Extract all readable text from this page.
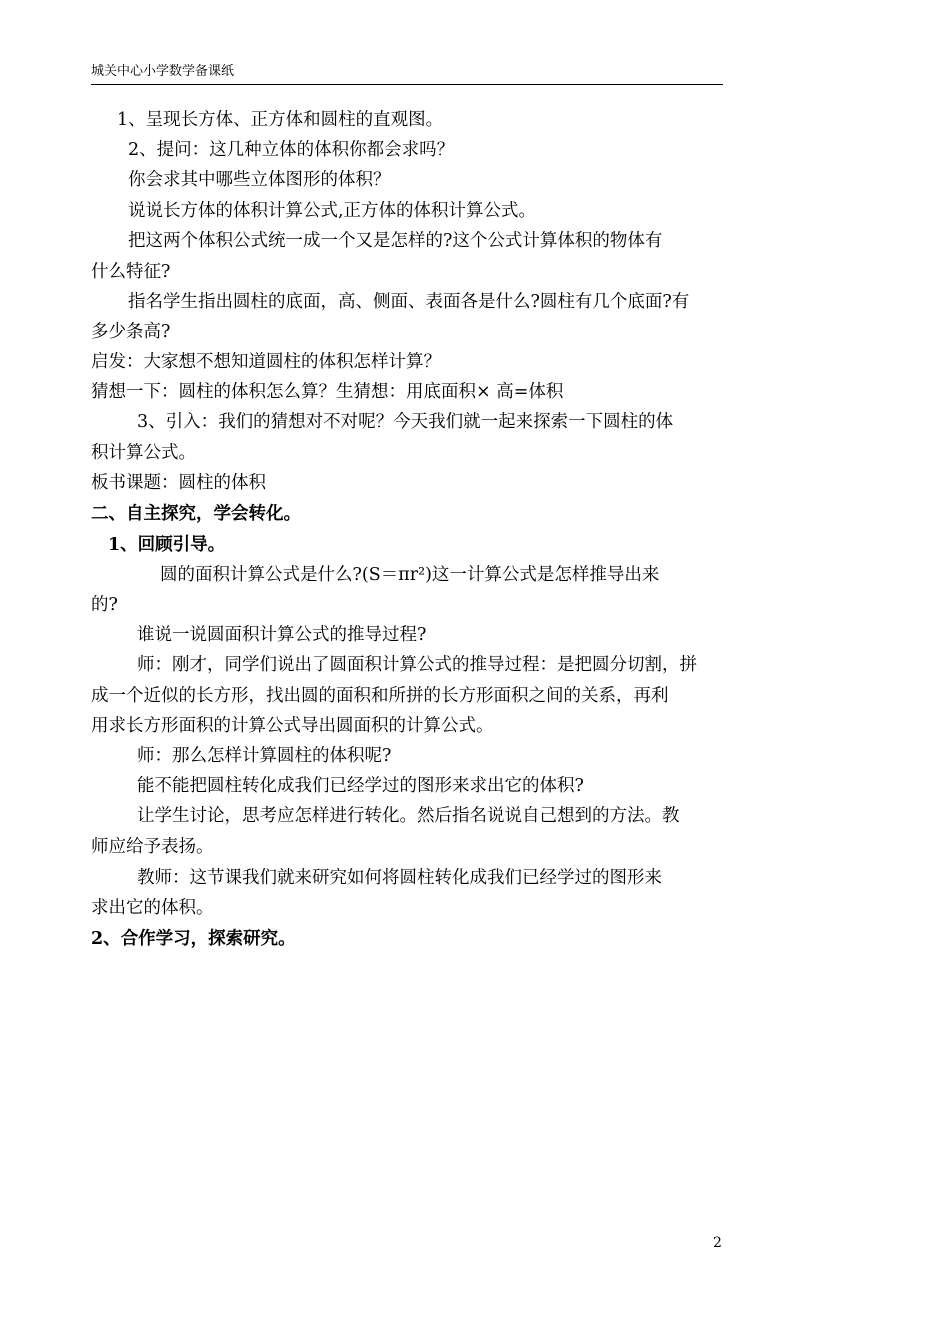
城关中心小学数学备课纸
1、呈现长方体、正方体和圆柱的直观图。
2、提问：这几种立体的体积你都会求吗？
你会求其中哪些立体图形的体积？
说说长方体的体积计算公式,正方体的体积计算公式。
把这两个体积公式统一成一个又是怎样的?这个公式计算体积的物体有
什么特征?
指名学生指出圆柱的底面，高、侧面、表面各是什么?圆柱有几个底面?有
多少条高?
启发：大家想不想知道圆柱的体积怎样计算？
猜想一下：圆柱的体积怎么算？生猜想：用底面积× 高=体积
3、引入：我们的猜想对不对呢？今天我们就一起来探索一下圆柱的体
积计算公式。
板书课题：圆柱的体积
二、自主探究，学会转化。
1、回顾引导。
圆的面积计算公式是什么?(S＝πr²)这一计算公式是怎样推导出来
的?
谁说一说圆面积计算公式的推导过程?
师：刚才，同学们说出了圆面积计算公式的推导过程：是把圆分切割，拼
成一个近似的长方形，找出圆的面积和所拼的长方形面积之间的关系，再利
用求长方形面积的计算公式导出圆面积的计算公式。
师：那么怎样计算圆柱的体积呢?
能不能把圆柱转化成我们已经学过的图形来求出它的体积?
让学生讨论，思考应怎样进行转化。然后指名说说自己想到的方法。教
师应给予表扬。
教师：这节课我们就来研究如何将圆柱转化成我们已经学过的图形来
求出它的体积。
2、合作学习，探索研究。
2
